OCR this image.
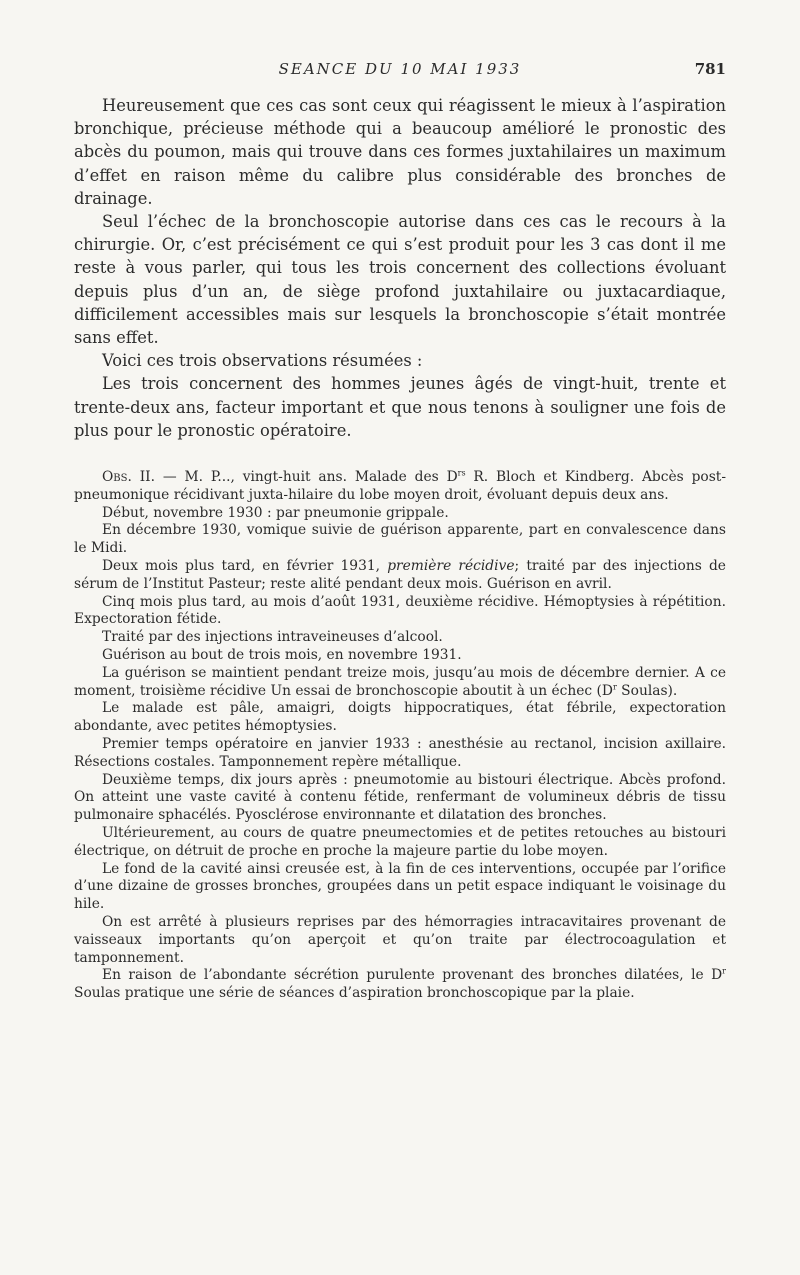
SEANCE DU 10 MAI 1933	781

Heureusement que ces cas sont ceux qui réagissent le mieux à l’aspiration bronchique, précieuse méthode qui a beaucoup amélioré le pronostic des abcès du poumon, mais qui trouve dans ces formes juxtahilaires un maximum d’effet en raison même du calibre plus considérable des bronches de drainage.

Seul l’échec de la bronchoscopie autorise dans ces cas le recours à la chirurgie. Or, c’est précisément ce qui s’est produit pour les 3 cas dont il me reste à vous parler, qui tous les trois concernent des collections évoluant depuis plus d’un an, de siège profond juxtahilaire ou juxtacardiaque, difficilement accessibles mais sur lesquels la bronchoscopie s’était montrée sans effet.

Voici ces trois observations résumées :

Les trois concernent des hommes jeunes âgés de vingt-huit, trente et trente-deux ans, facteur important et que nous tenons à souligner une fois de plus pour le pronostic opératoire.

Obs. II. — M. P..., vingt-huit ans. Malade des $D^{rs}$ R. Bloch et Kindberg. Abcès post-pneumonique récidivant juxta-hilaire du lobe moyen droit, évoluant depuis deux ans.

Début, novembre 1930 : par pneumonie grippale.

En décembre 1930, vomique suivie de guérison apparente, part en convalescence dans le Midi.

Deux mois plus tard, en février 1931, première récidive; traité par des injections de sérum de l’Institut Pasteur; reste alité pendant deux mois. Guérison en avril.

Cinq mois plus tard, au mois d’août 1931, deuxième récidive. Hémoptysies à répétition. Expectoration fétide.

Traité par des injections intraveineuses d’alcool.

Guérison au bout de trois mois, en novembre 1931.

La guérison se maintient pendant treize mois, jusqu’au mois de décembre dernier. A ce moment, troisième récidive Un essai de bronchoscopie aboutit à un échec ($D^r$ Soulas).

Le malade est pâle, amaigri, doigts hippocratiques, état fébrile, expectoration abondante, avec petites hémoptysies.

Premier temps opératoire en janvier 1933 : anesthésie au rectanol, incision axillaire. Résections costales. Tamponnement repère métallique.

Deuxième temps, dix jours après : pneumotomie au bistouri électrique. Abcès profond. On atteint une vaste cavité à contenu fétide, renfermant de volumineux débris de tissu pulmonaire sphacélés. Pyosclérose environnante et dilatation des bronches.

Ultérieurement, au cours de quatre pneumectomies et de petites retouches au bistouri électrique, on détruit de proche en proche la majeure partie du lobe moyen.

Le fond de la cavité ainsi creusée est, à la fin de ces interventions, occupée par l’orifice d’une dizaine de grosses bronches, groupées dans un petit espace indiquant le voisinage du hile.

On est arrêté à plusieurs reprises par des hémorragies intracavitaires provenant de vaisseaux importants qu’on aperçoit et qu’on traite par électrocoagulation et tamponnement.

En raison de l’abondante sécrétion purulente provenant des bronches dilatées, le $D^r$ Soulas pratique une série de séances d’aspiration bronchoscopique par la plaie.
